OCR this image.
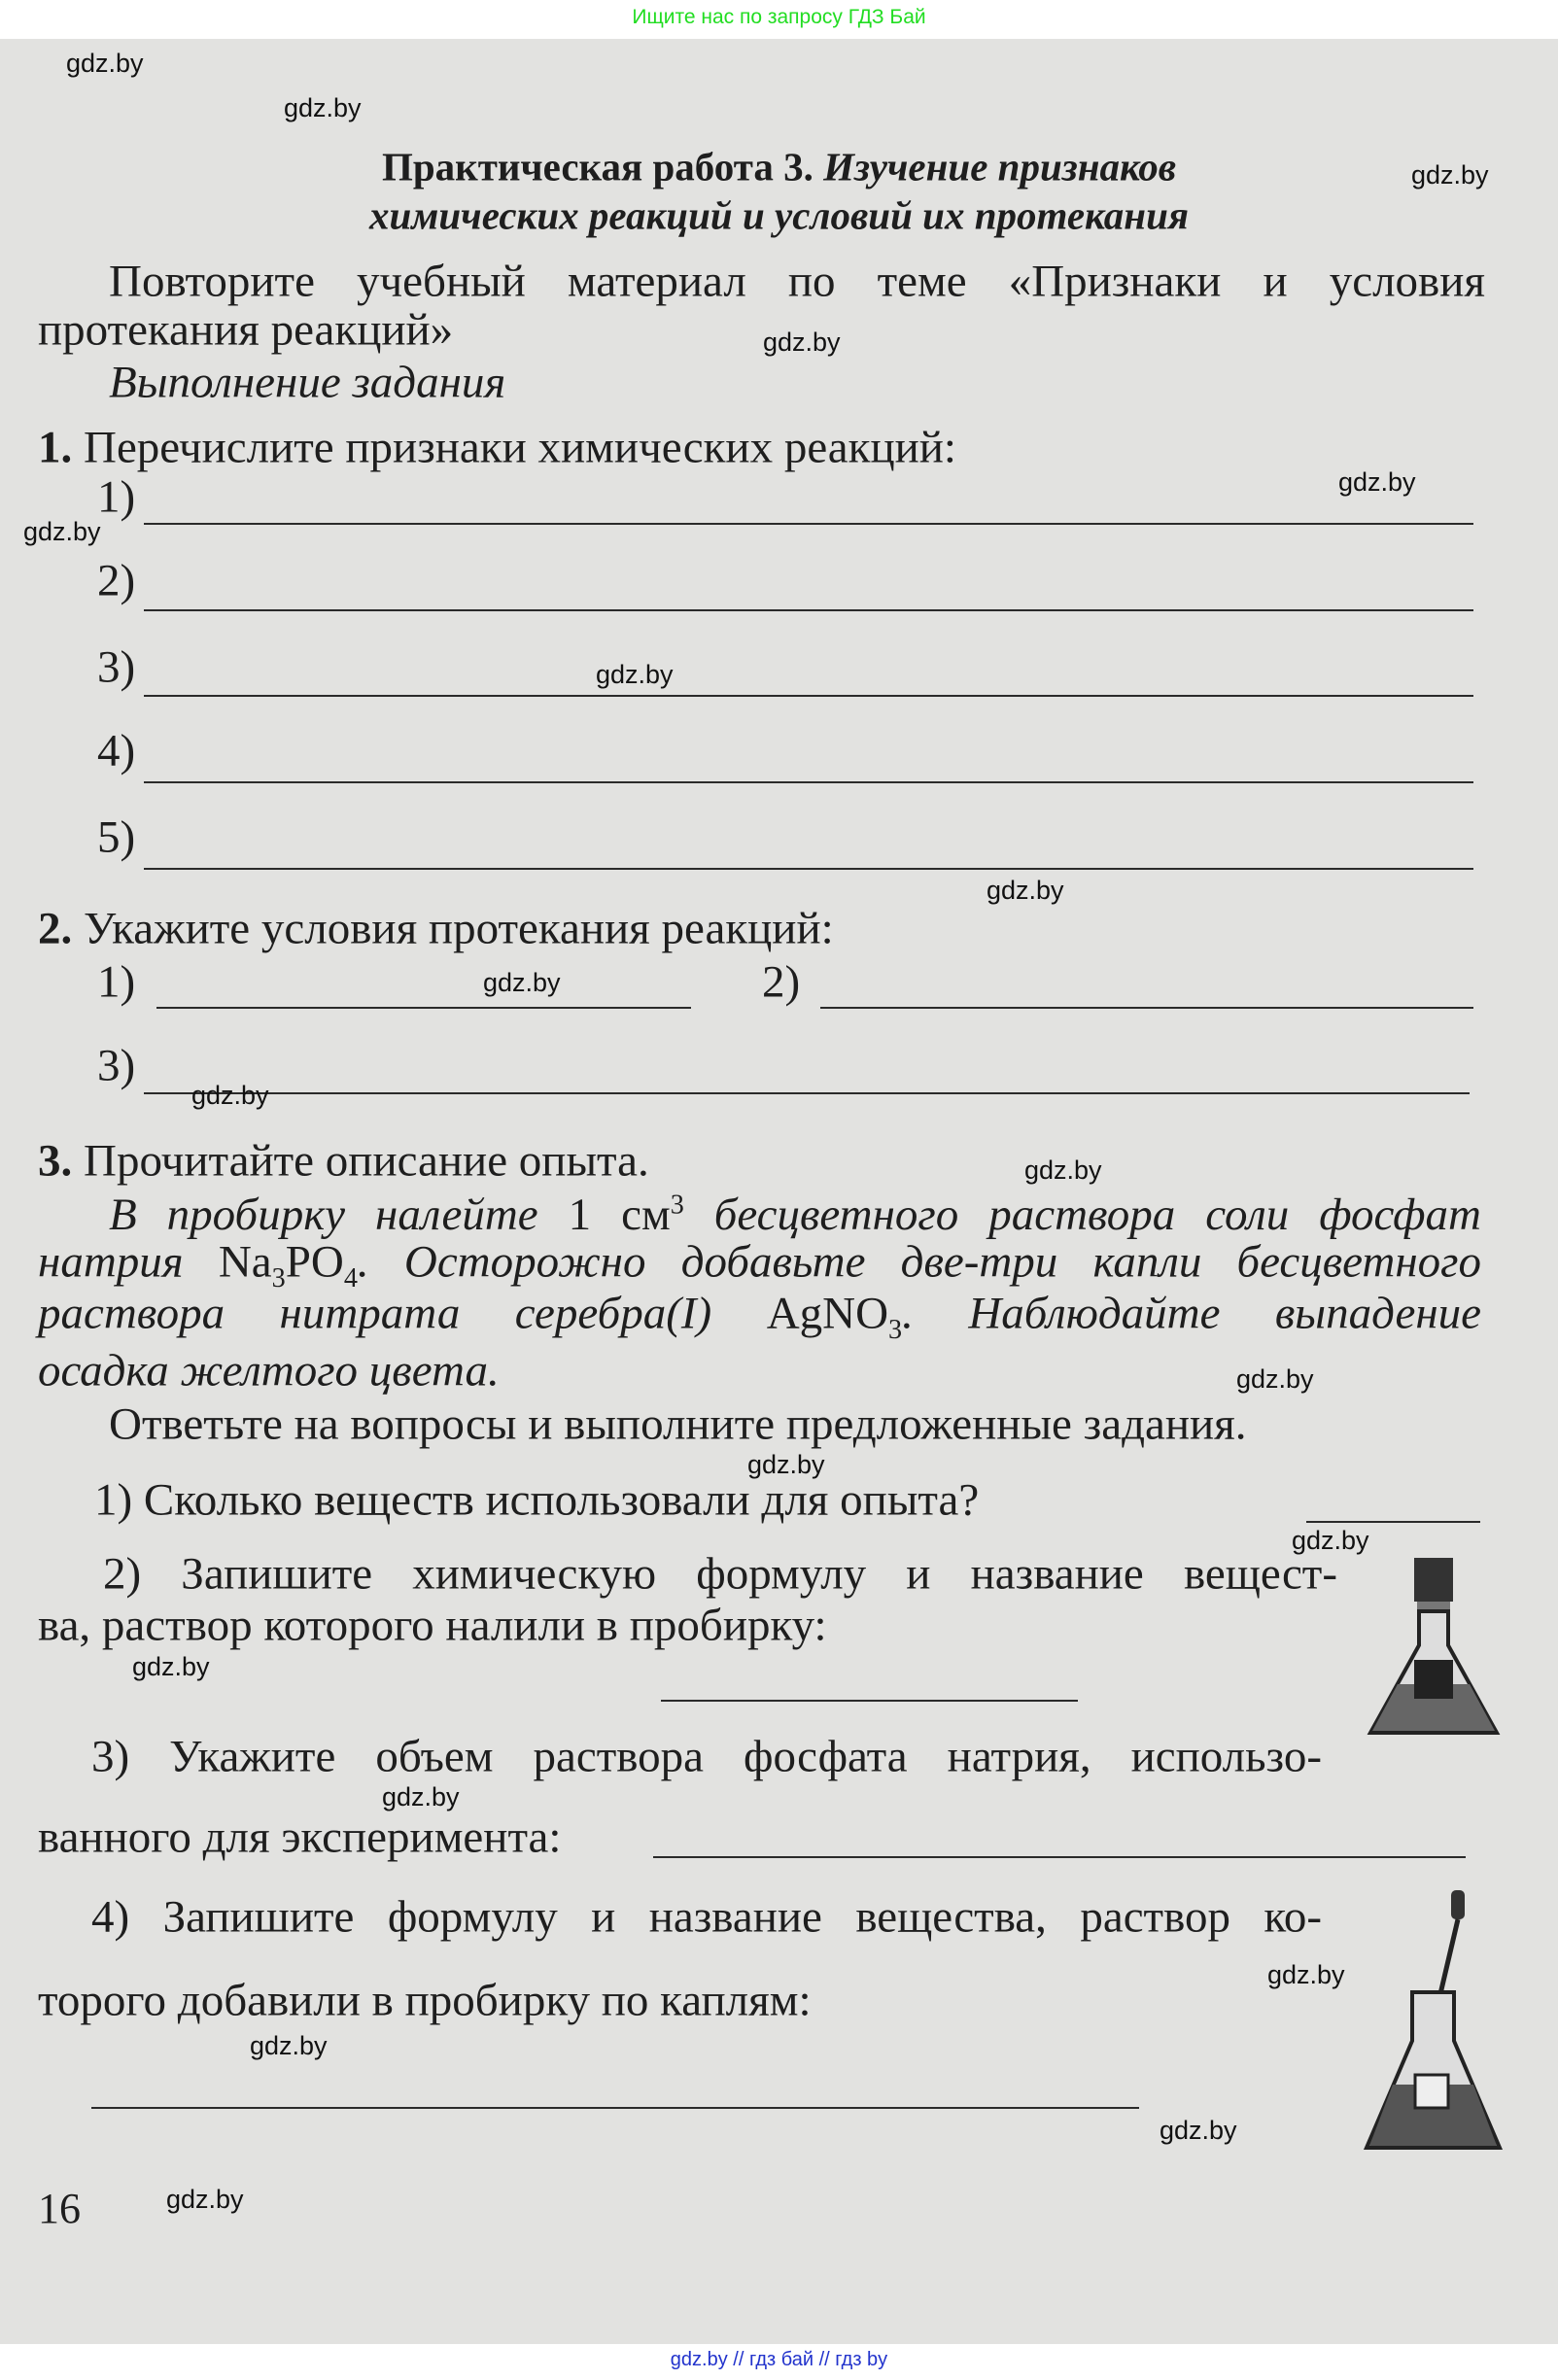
Ищите нас по запросу ГДЗ Бай
Практическая работа 3. Изучение признаков
химических реакций и условий их протекания
Повторите учебный материал по теме «Признаки и условия
протекания реакций»
Выполнение задания
1. Перечислите признаки химических реакций:
1)
2)
3)
4)
5)
2. Укажите условия протекания реакций:
1)	2)
3)
3. Прочитайте описание опыта.
В пробирку налейте 1 $см^3$ бесцветного раствора соли фосфат
натрия $Na_3PO_4$. Осторожно добавьте две-три капли бесцветного
раствора нитрата серебра(I) AgNO$_3$. Наблюдайте выпадение
осадка желтого цвета.
Ответьте на вопросы и выполните предложенные задания.
1) Сколько веществ использовали для опыта?
2) Запишите химическую формулу и название вещест-
ва, раствор которого налили в пробирку:
3) Укажите объем раствора фосфата натрия, использо-
ванного для эксперимента:
4) Запишите формулу и название вещества, раствор ко-
торого добавили в пробирку по каплям:
16
gdz.by
gdz.by
gdz.by
gdz.by
gdz.by
gdz.by
gdz.by
gdz.by
gdz.by
gdz.by
gdz.by
gdz.by
gdz.by
gdz.by
gdz.by
gdz.by
gdz.by
gdz.by
gdz.by
gdz.by
gdz.by // гдз бай // гдз by
